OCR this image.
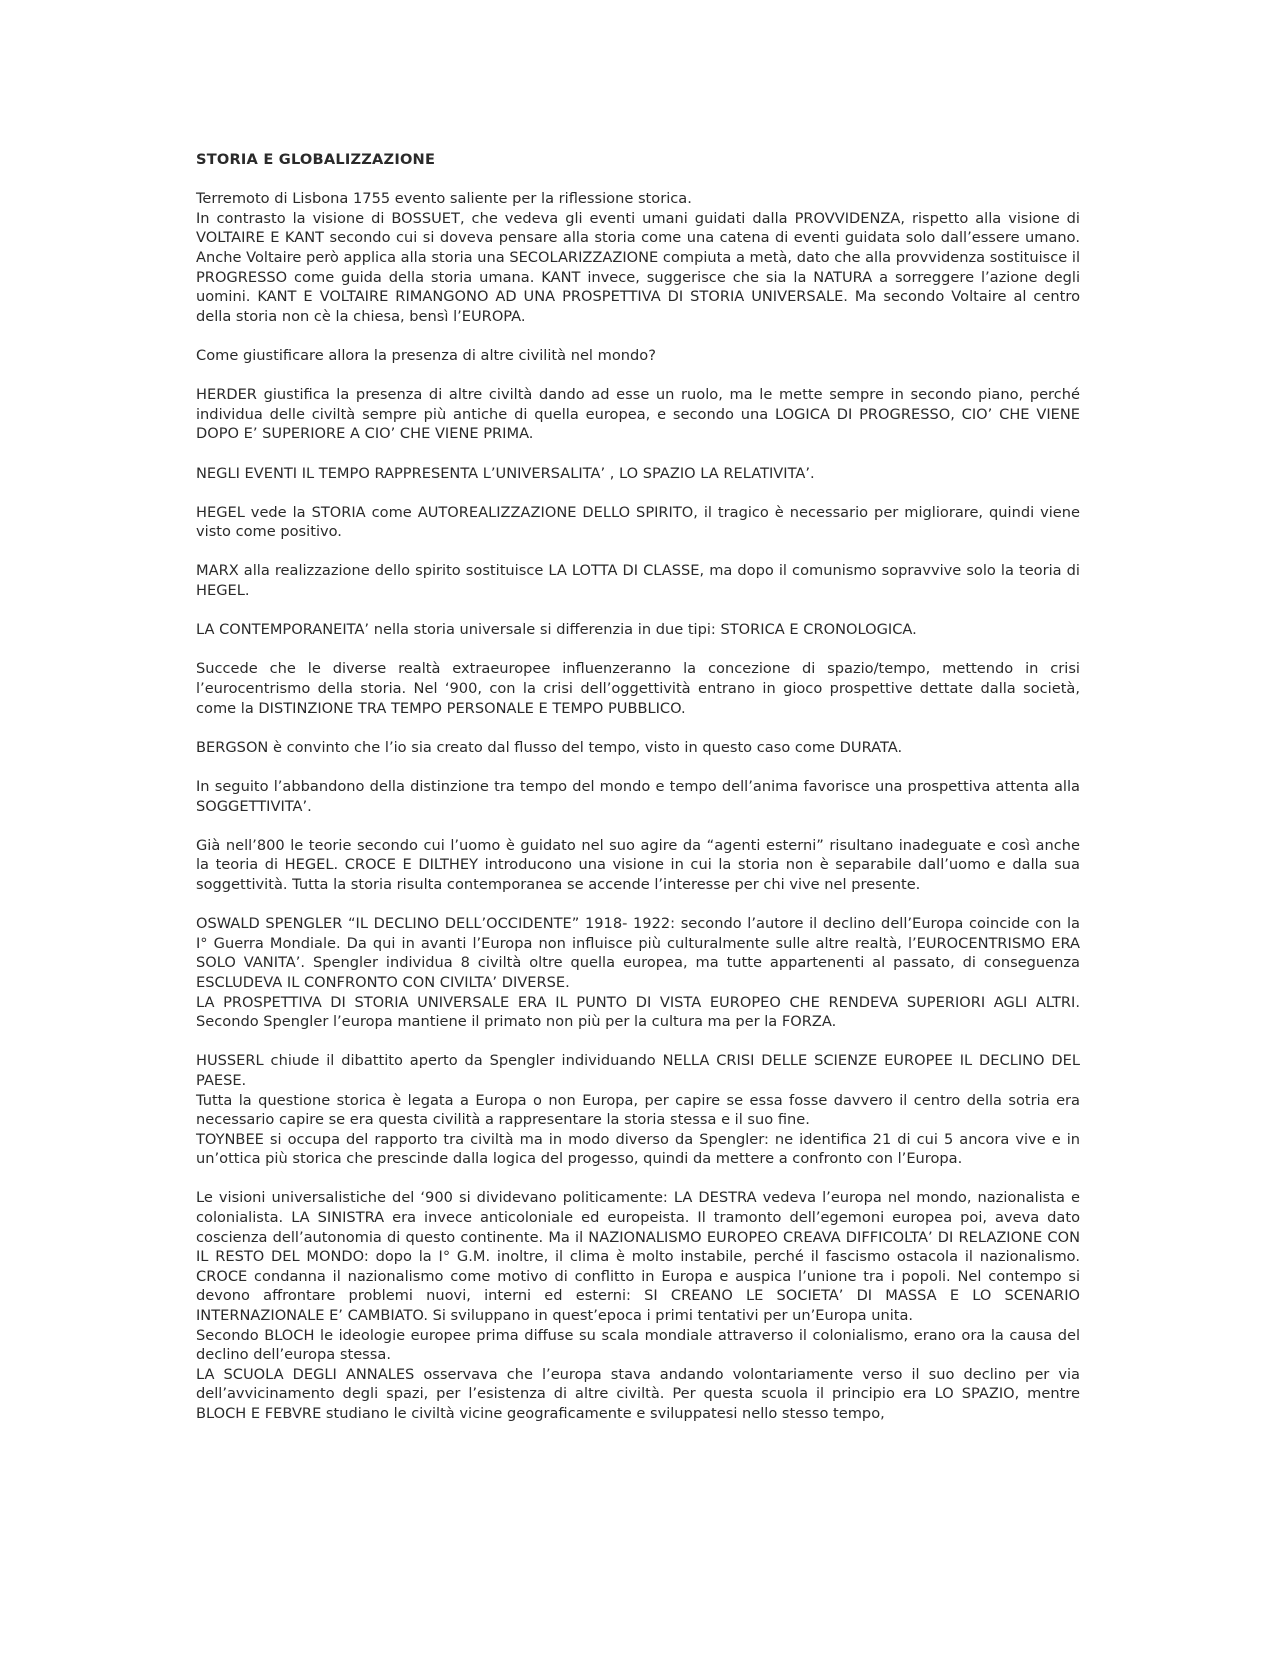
STORIA E GLOBALIZZAZIONE

Terremoto di Lisbona 1755 evento saliente per la riflessione storica.

In contrasto la visione di BOSSUET, che vedeva gli eventi umani guidati dalla PROVVIDENZA, rispetto alla visione di VOLTAIRE E KANT secondo cui si doveva pensare alla storia come una catena di eventi guidata solo dall’essere umano. Anche Voltaire però applica alla storia una SECOLARIZZAZIONE compiuta a metà, dato che alla provvidenza sostituisce il PROGRESSO come guida della storia umana. KANT invece, suggerisce che sia la NATURA a sorreggere l’azione degli uomini. KANT E VOLTAIRE RIMANGONO AD UNA PROSPETTIVA DI STORIA UNIVERSALE. Ma secondo Voltaire al centro della storia non cè la chiesa, bensì l’EUROPA.

Come giustificare allora la presenza di altre civilità nel mondo?

HERDER giustifica la presenza di altre civiltà dando ad esse un ruolo, ma le mette sempre in secondo piano, perché individua delle civiltà sempre più antiche di quella europea, e secondo una LOGICA DI PROGRESSO, CIO’ CHE VIENE DOPO E’ SUPERIORE A CIO’ CHE VIENE PRIMA.

NEGLI EVENTI IL TEMPO RAPPRESENTA L’UNIVERSALITA’ , LO SPAZIO LA RELATIVITA’.

HEGEL vede la STORIA come AUTOREALIZZAZIONE DELLO SPIRITO, il tragico è necessario per migliorare, quindi viene visto come positivo.

MARX alla realizzazione dello spirito sostituisce LA LOTTA DI CLASSE, ma dopo il comunismo sopravvive solo la teoria di HEGEL.

LA CONTEMPORANEITA’ nella storia universale si differenzia in due tipi: STORICA E CRONOLOGICA.

Succede che le diverse realtà extraeuropee influenzeranno la concezione di spazio/tempo, mettendo in crisi l’eurocentrismo della storia. Nel ‘900, con la crisi dell’oggettività entrano in gioco prospettive dettate dalla società, come la DISTINZIONE TRA TEMPO PERSONALE E TEMPO PUBBLICO.

BERGSON è convinto che l’io sia creato dal flusso del tempo, visto in questo caso come DURATA.

In seguito l’abbandono della distinzione tra tempo del mondo e tempo dell’anima favorisce una prospettiva attenta alla SOGGETTIVITA’.

Già nell’800 le teorie secondo cui l’uomo è guidato nel suo agire da “agenti esterni” risultano inadeguate e così anche la teoria di HEGEL. CROCE E DILTHEY introducono una visione in cui la storia non è separabile dall’uomo e dalla sua soggettività. Tutta la storia risulta contemporanea se accende l’interesse per chi vive nel presente.

OSWALD SPENGLER “IL DECLINO DELL’OCCIDENTE” 1918- 1922: secondo l’autore il declino dell’Europa coincide con la I° Guerra Mondiale. Da qui in avanti l’Europa non influisce più culturalmente sulle altre realtà, l’EUROCENTRISMO ERA SOLO VANITA’. Spengler individua 8 civiltà oltre quella europea, ma tutte appartenenti al passato, di conseguenza ESCLUDEVA IL CONFRONTO CON CIVILTA’ DIVERSE.

LA PROSPETTIVA DI STORIA UNIVERSALE ERA IL PUNTO DI VISTA EUROPEO CHE RENDEVA SUPERIORI AGLI ALTRI. Secondo Spengler l’europa mantiene il primato non più per la cultura ma per la FORZA.

HUSSERL chiude il dibattito aperto da Spengler individuando NELLA CRISI DELLE SCIENZE EUROPEE IL DECLINO DEL PAESE.

Tutta la questione storica è legata a Europa o non Europa, per capire se essa fosse davvero il centro della sotria era necessario capire se era questa civilità a rappresentare la storia stessa e il suo fine.

TOYNBEE si occupa del rapporto tra civiltà ma in modo diverso da Spengler: ne identifica 21 di cui 5 ancora vive e in un’ottica più storica che prescinde dalla logica del progesso, quindi da mettere a confronto con l’Europa.

Le visioni universalistiche del ‘900 si dividevano politicamente: LA DESTRA vedeva l’europa nel mondo, nazionalista e colonialista. LA SINISTRA era invece anticoloniale ed europeista. Il tramonto dell’egemoni europea poi, aveva dato coscienza dell’autonomia di questo continente. Ma il NAZIONALISMO EUROPEO CREAVA DIFFICOLTA’ DI RELAZIONE CON IL RESTO DEL MONDO: dopo la I° G.M. inoltre, il clima è molto instabile, perché il fascismo ostacola il nazionalismo. CROCE condanna il nazionalismo come motivo di conflitto in Europa e auspica l’unione tra i popoli. Nel contempo si devono affrontare problemi nuovi, interni ed esterni: SI CREANO LE SOCIETA’ DI MASSA E LO SCENARIO INTERNAZIONALE E’ CAMBIATO. Si sviluppano in quest’epoca i primi tentativi per un’Europa unita.

Secondo BLOCH le ideologie europee prima diffuse su scala mondiale attraverso il colonialismo, erano ora la causa del declino dell’europa stessa.

LA SCUOLA DEGLI ANNALES osservava che l’europa stava andando volontariamente verso il suo declino per via dell’avvicinamento degli spazi, per l’esistenza di altre civiltà. Per questa scuola il principio era LO SPAZIO, mentre BLOCH E FEBVRE studiano le civiltà vicine geograficamente e sviluppatesi nello stesso tempo,
